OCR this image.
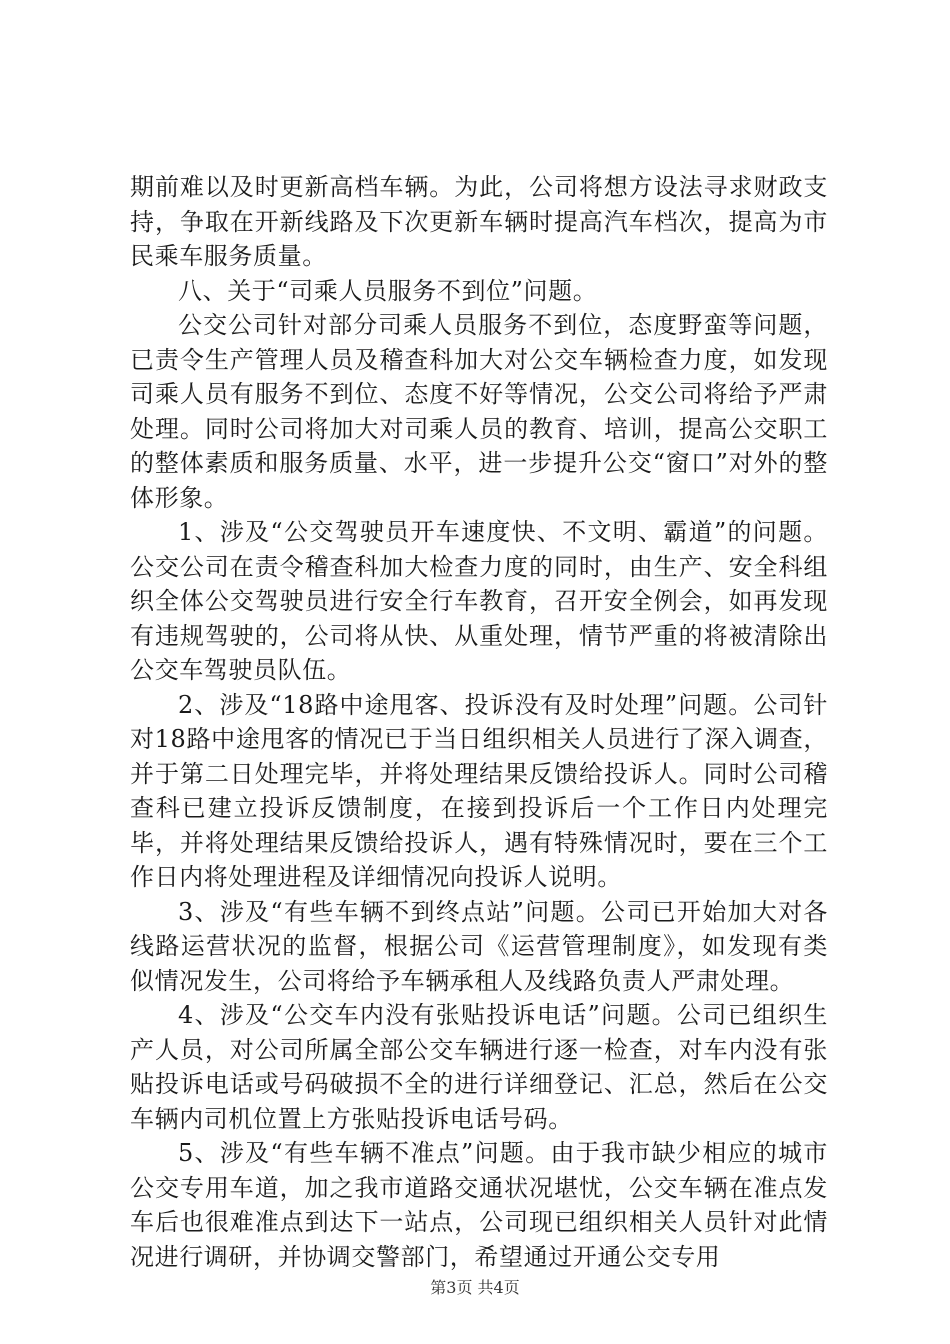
期前难以及时更新高档车辆。为此，公司将想方设法寻求财政支持，争取在开新线路及下次更新车辆时提高汽车档次，提高为市民乘车服务质量。

八、关于“司乘人员服务不到位”问题。

公交公司针对部分司乘人员服务不到位，态度野蛮等问题，已责令生产管理人员及稽查科加大对公交车辆检查力度，如发现司乘人员有服务不到位、态度不好等情况，公交公司将给予严肃处理。同时公司将加大对司乘人员的教育、培训，提高公交职工的整体素质和服务质量、水平，进一步提升公交“窗口”对外的整体形象。

1、涉及“公交驾驶员开车速度快、不文明、霸道”的问题。公交公司在责令稽查科加大检查力度的同时，由生产、安全科组织全体公交驾驶员进行安全行车教育，召开安全例会，如再发现有违规驾驶的，公司将从快、从重处理，情节严重的将被清除出公交车驾驶员队伍。

2、涉及“18路中途甩客、投诉没有及时处理”问题。公司针对18路中途甩客的情况已于当日组织相关人员进行了深入调查，并于第二日处理完毕，并将处理结果反馈给投诉人。同时公司稽查科已建立投诉反馈制度，在接到投诉后一个工作日内处理完毕，并将处理结果反馈给投诉人，遇有特殊情况时，要在三个工作日内将处理进程及详细情况向投诉人说明。

3、涉及“有些车辆不到终点站”问题。公司已开始加大对各线路运营状况的监督，根据公司《运营管理制度》，如发现有类似情况发生，公司将给予车辆承租人及线路负责人严肃处理。

4、涉及“公交车内没有张贴投诉电话”问题。公司已组织生产人员，对公司所属全部公交车辆进行逐一检查，对车内没有张贴投诉电话或号码破损不全的进行详细登记、汇总，然后在公交车辆内司机位置上方张贴投诉电话号码。

5、涉及“有些车辆不准点”问题。由于我市缺少相应的城市公交专用车道，加之我市道路交通状况堪忧，公交车辆在准点发车后也很难准点到达下一站点，公司现已组织相关人员针对此情况进行调研，并协调交警部门，希望通过开通公交专用

第3页 共4页
